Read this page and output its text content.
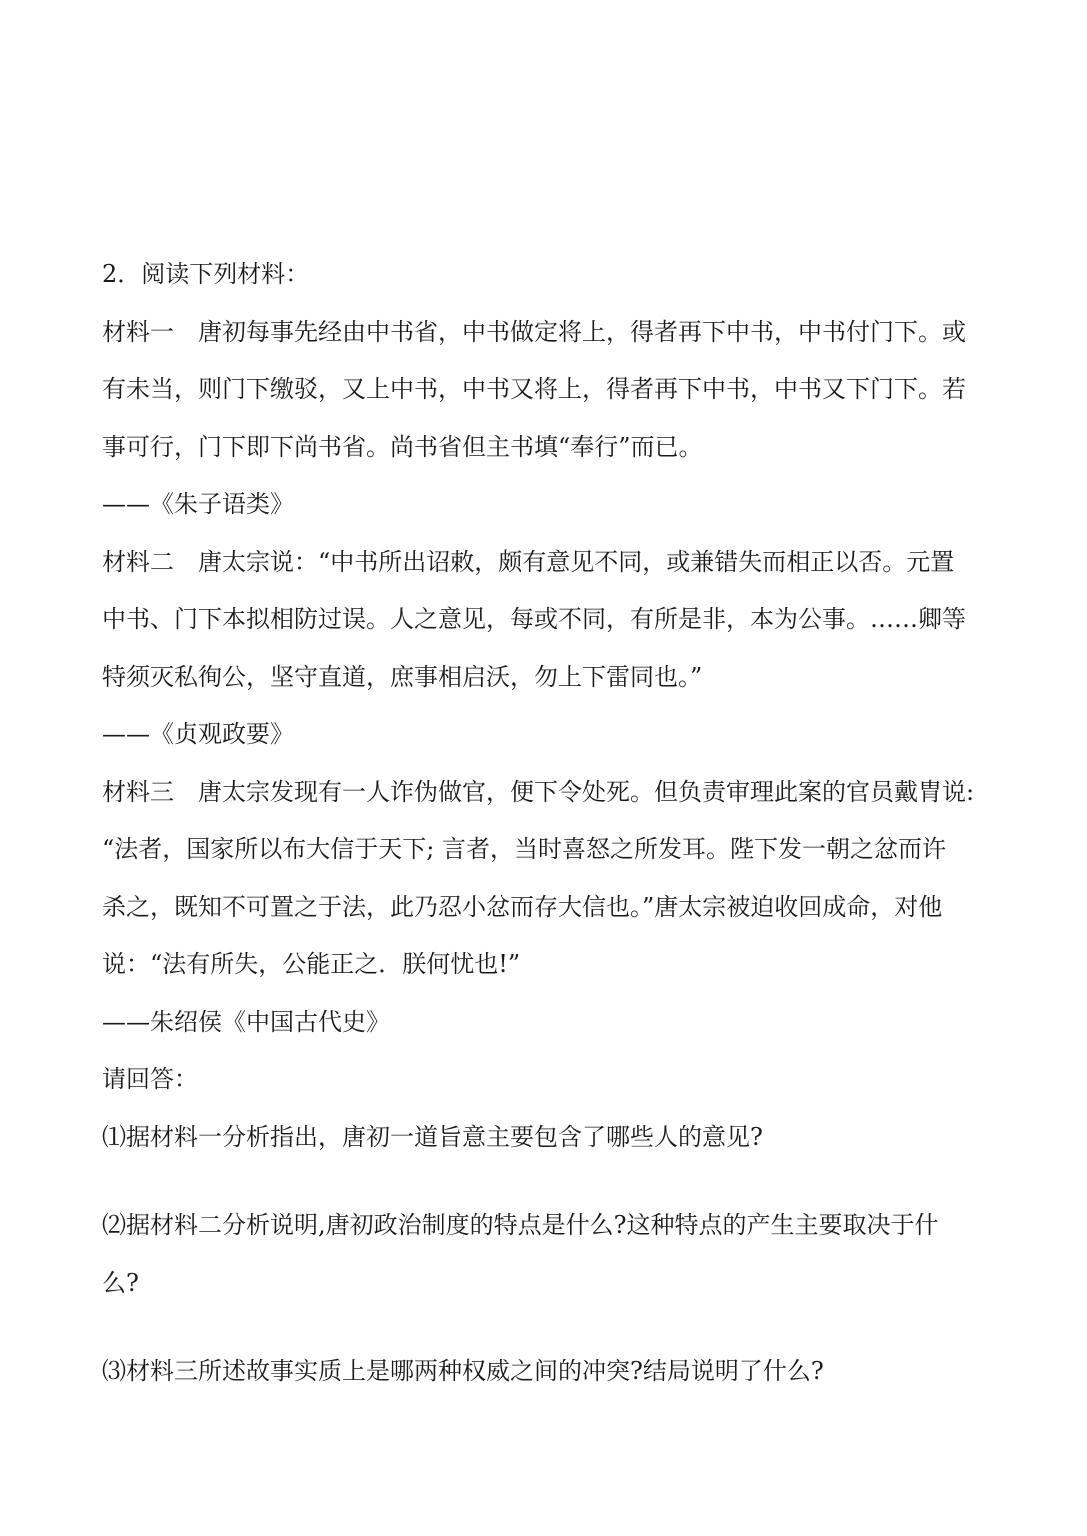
2．阅读下列材料：

材料一　唐初每事先经由中书省，中书做定将上，得者再下中书，中书付门下。或

有未当，则门下缴驳，又上中书，中书又将上，得者再下中书，中书又下门下。若

事可行，门下即下尚书省。尚书省但主书填“奉行”而已。

——《朱子语类》

材料二　唐太宗说：“中书所出诏敕，颇有意见不同，或兼错失而相正以否。元置

中书、门下本拟相防过误。人之意见，每或不同，有所是非，本为公事。……卿等

特须灭私徇公，坚守直道，庶事相启沃，勿上下雷同也。”

——《贞观政要》

材料三　唐太宗发现有一人诈伪做官，便下令处死。但负责审理此案的官员戴胄说:

“法者，国家所以布大信于天下; 言者，当时喜怒之所发耳。陛下发一朝之忿而许

杀之，既知不可置之于法，此乃忍小忿而存大信也。”唐太宗被迫收回成命，对他

说：“法有所失，公能正之．朕何忧也!”

——朱绍侯《中国古代史》

请回答：

⑴据材料一分析指出，唐初一道旨意主要包含了哪些人的意见?

⑵据材料二分析说明,唐初政治制度的特点是什么?这种特点的产生主要取决于什

么?

⑶材料三所述故事实质上是哪两种权威之间的冲突?结局说明了什么?
